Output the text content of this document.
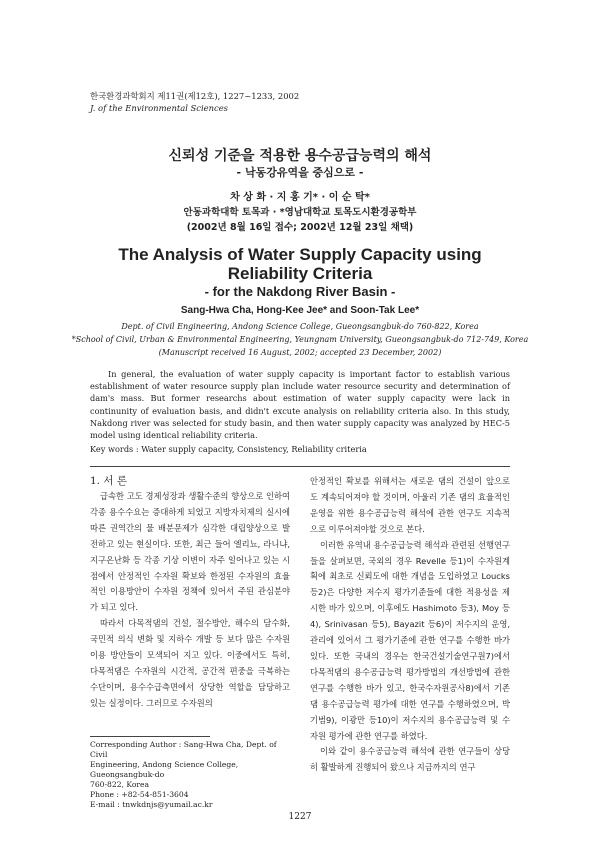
한국환경과학회지 제11권(제12호), 1227~1233, 2002
J. of the Environmental Sciences
신뢰성 기준을 적용한 용수공급능력의 해석
- 낙동강유역을 중심으로 -
차 상 화 · 지 홍 기* · 이 순 탁*
안동과학대학 토목과 · *영남대학교 토목도시환경공학부
(2002년 8월 16일 접수; 2002년 12월 23일 채택)
The Analysis of Water Supply Capacity using
Reliability Criteria
- for the Nakdong River Basin -
Sang-Hwa Cha, Hong-Kee Jee* and Soon-Tak Lee*
Dept. of Civil Engineering, Andong Science College, Gueongsangbuk-do 760-822, Korea
*School of Civil, Urban & Environmental Engineering, Yeungnam University, Gueongsangbuk-do 712-749, Korea
(Manuscript received 16 August, 2002; accepted 23 December, 2002)
In general, the evaluation of water supply capacity is important factor to establish various establishment of water resource supply plan include water resource security and determination of dam's mass. But former researchs about estimation of water supply capacity were lack in continunity of evaluation basis, and didn't excute analysis on reliability criteria also. In this study, Nakdong river was selected for study basin, and then water supply capacity was analyzed by HEC-5 model using identical reliability criteria.
Key words : Water supply capacity, Consistency, Reliability criteria
1. 서 론

급속한 고도 경제성장과 생활수준의 향상으로 인하여 각종 용수수요는 증대하게 되었고 지방자치제의 실시에 따른 권역간의 물 배분문제가 심각한 대립양상으로 발전하고 있는 현실이다. 또한, 최근 들어 엘리뇨, 라니냐, 지구온난화 등 각종 기상 이변이 자주 일어나고 있는 시점에서 안정적인 수자원 확보와 한정된 수자원의 효율적인 이용방안이 수자원 정책에 있어서 주된 관심분야가 되고 있다.

따라서 다목적댐의 건설, 절수방안, 해수의 담수화, 국민적 의식 변화 및 지하수 개발 등 보다 많은 수자원 이용 방안들이 모색되어 지고 있다. 이중에서도 특히, 다목적댐은 수자원의 시간적, 공간적 편중을 극복하는 수단이며, 용수수급측면에서 상당한 역할을 담당하고 있는 실정이다. 그러므로 수자원의

안정적인 확보를 위해서는 새로운 댐의 건설이 앞으로도 계속되어져야 할 것이며, 아울러 기존 댐의 효율적인 운영을 위한 용수공급능력 해석에 관한 연구도 지속적으로 이루어져야할 것으로 본다.

이러한 유역내 용수공급능력 해석과 관련된 선행연구들을 살펴보면, 국외의 경우 Revelle 등1)이 수자원계획에 최초로 신뢰도에 대한 개념을 도입하였고 Loucks 등2)은 다양한 저수지 평가기준들에 대한 적용성을 제시한 바가 있으며, 이후에도 Hashimoto 등3), Moy 등4), Srinivasan 등5), Bayazit 등6)이 저수지의 운영, 관리에 있어서 그 평가기준에 관한 연구를 수행한 바가 있다. 또한 국내의 경우는 한국건설기술연구원7)에서 다목적댐의 용수공급능력 평가방법의 개선방법에 관한 연구를 수행한 바가 있고, 한국수자원공사8)에서 기존댐 용수공급능력 평가에 대한 연구를 수행하였으며, 박기범9), 이광만 등10)이 저수지의 용수공급능력 및 수자원 평가에 관한 연구를 하였다.

이와 같이 용수공급능력 해석에 관한 연구들이 상당히 활발하게 진행되어 왔으나 지금까지의 연구

Corresponding Author : Sang-Hwa Cha, Dept. of Civil
Engineering, Andong Science College, Gueongsangbuk-do
760-822, Korea
Phone : +82-54-851-3604
E-mail : tnwkdnjs@yumail.ac.kr
1227
